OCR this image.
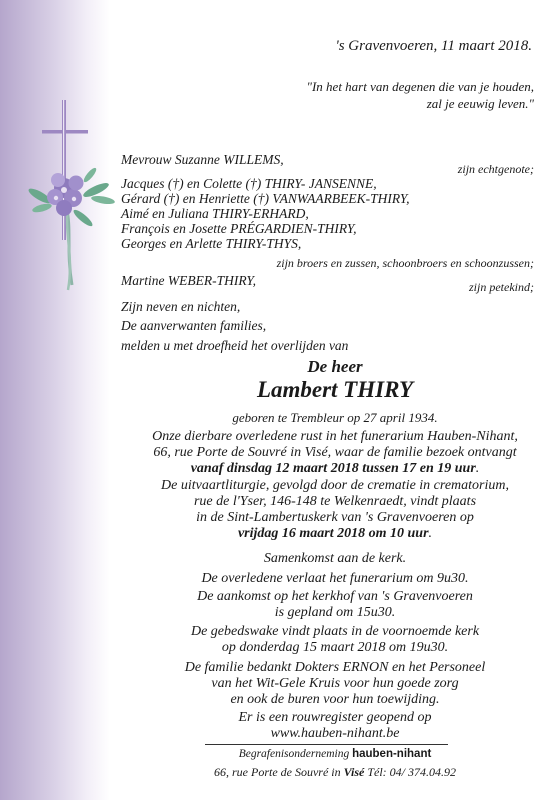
's Gravenvoeren, 11 maart 2018.
"In het hart van degenen die van je houden,
zal je eeuwig leven."
Mevrouw Suzanne WILLEMS,
zijn echtgenote;
Jacques (†) en Colette (†) THIRY- JANSENNE,
Gérard (†) en Henriette (†) VANWAARBEEK-THIRY,
Aimé en Juliana THIRY-ERHARD,
François en Josette PRÉGARDIEN-THIRY,
Georges en Arlette THIRY-THYS,
zijn broers en zussen, schoonbroers en schoonzussen;
Martine WEBER-THIRY,	zijn petekind;
Zijn neven en nichten,
De aanverwanten families,
melden u met droefheid het overlijden van
De heer
Lambert THIRY
geboren te Trembleur op 27 april 1934.
Onze dierbare overledene rust in het funerarium Hauben-Nihant,
66, rue Porte de Souvré in Visé, waar de familie bezoek ontvangt
vanaf dinsdag 12 maart 2018 tussen 17 en 19 uur.
De uitvaartliturgie, gevolgd door de crematie in crematorium,
rue de l'Yser, 146-148 te Welkenraedt, vindt plaats
in de Sint-Lambertuskerk van 's Gravenvoeren op
vrijdag 16 maart 2018 om 10 uur.
Samenkomst aan de kerk.
De overledene verlaat het funerarium om 9u30.
De aankomst op het kerkhof van 's Gravenvoeren
is gepland om 15u30.
De gebedswake vindt plaats in de voornoemde kerk
op donderdag 15 maart 2018 om 19u30.
De familie bedankt Dokters ERNON en het Personeel
van het Wit-Gele Kruis voor hun goede zorg
en ook de buren voor hun toewijding.
Er is een rouwregister geopend op
www.hauben-nihant.be
Begrafenisonderneming hauben-nihant
66, rue Porte de Souvré in Visé Tél: 04/ 374.04.92
